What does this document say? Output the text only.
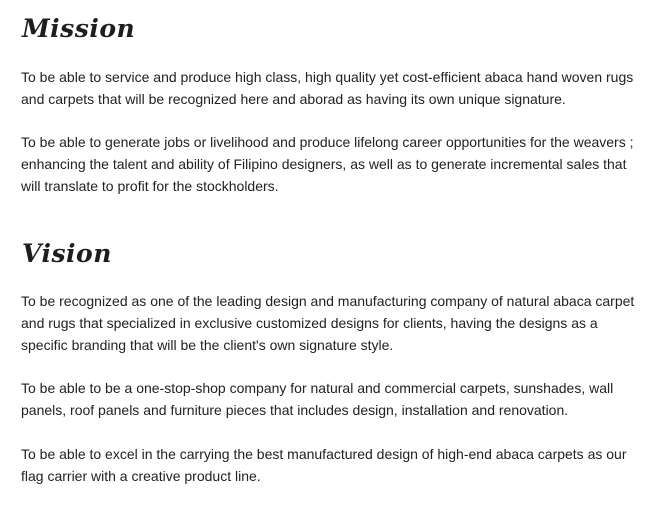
Mission

To be able to service and produce high class, high quality yet cost-efficient abaca hand woven rugs and carpets that will be recognized here and aborad as having its own unique signature.

To be able to generate jobs or livelihood and produce lifelong career opportunities for the weavers ; enhancing the talent and ability of Filipino designers, as well as to generate incremental sales that will translate to profit for the stockholders.

Vision

To be recognized as one of the leading design and manufacturing company of natural abaca carpet and rugs that specialized in exclusive customized designs for clients, having the designs as a specific branding that will be the client's own signature style.

To be able to be a one-stop-shop company for natural and commercial carpets, sunshades, wall panels, roof panels and furniture pieces that includes design, installation and renovation.

To be able to excel in the carrying the best manufactured design of high-end abaca carpets as our flag carrier with a creative product line.
